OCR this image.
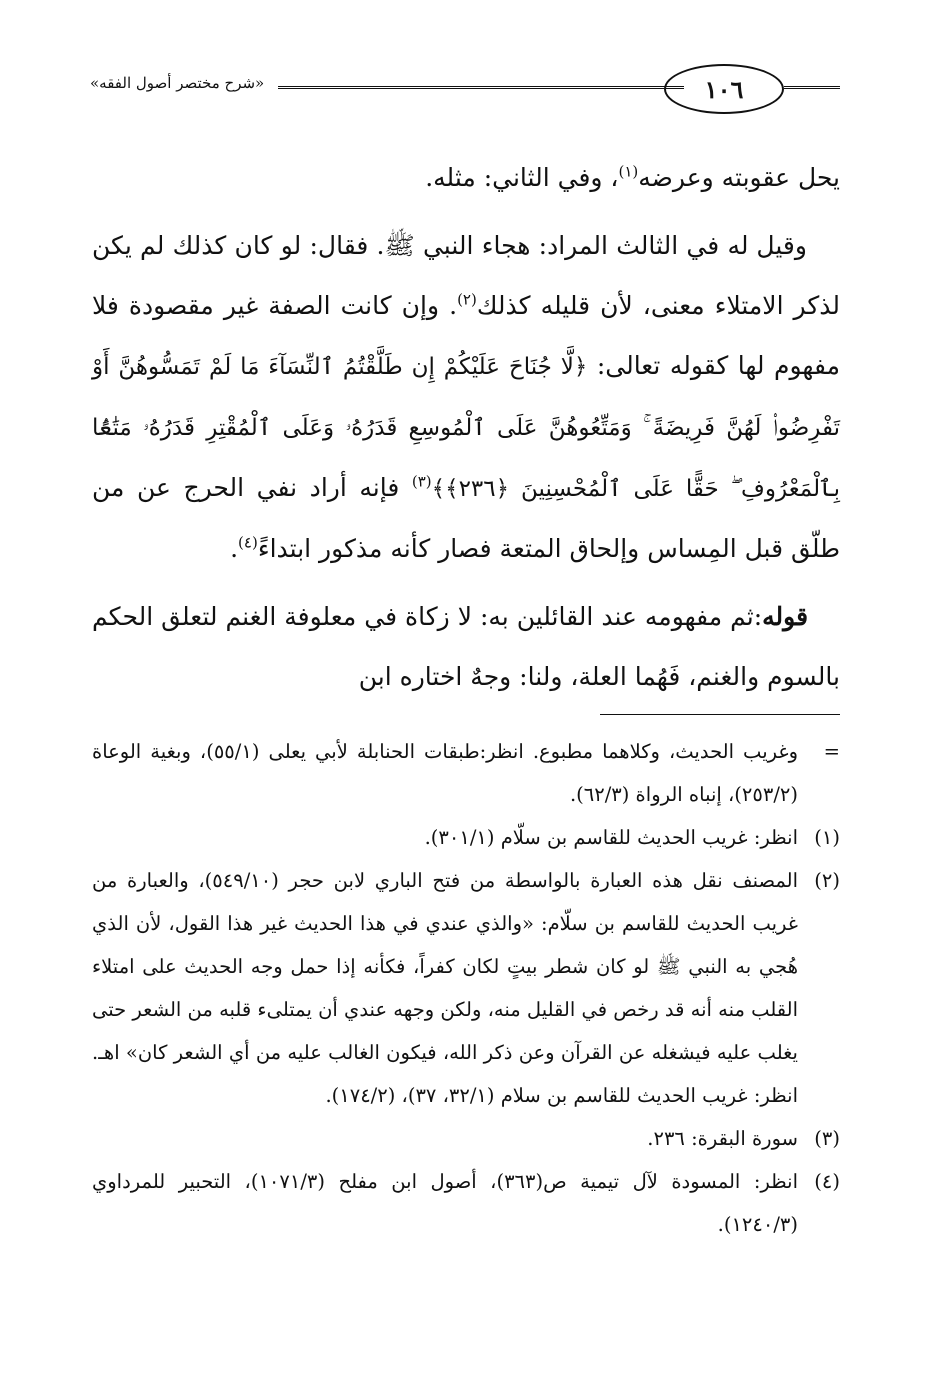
١٠٦
«شرح مختصر أصول الفقه»

يحل عقوبته وعرضه$^{(١)}$، وفي الثاني: مثله.

وقيل له في الثالث المراد: هجاء النبي ﷺ. فقال: لو كان كذلك لم يكن لذكر الامتلاء معنى، لأن قليله كذلك$^{(٢)}$. وإن كانت الصفة غير مقصودة فلا مفهوم لها كقوله تعالى: ﴿لَّا جُنَاحَ عَلَيْكُمْ إِن طَلَّقْتُمُ ٱلنِّسَآءَ مَا لَمْ تَمَسُّوهُنَّ أَوْ تَفْرِضُوا۟ لَهُنَّ فَرِيضَةً ۚ وَمَتِّعُوهُنَّ عَلَى ٱلْمُوسِعِ قَدَرُهُۥ وَعَلَى ٱلْمُقْتِرِ قَدَرُهُۥ مَتَٰعًۢا بِٱلْمَعْرُوفِ ۖ حَقًّا عَلَى ٱلْمُحْسِنِينَ ﴿٢٣٦﴾﴾$^{(٣)}$ فإنه أراد نفي الحرج عن من طلّق قبل المِساس وإلحاق المتعة فصار كأنه مذكور ابتداءً$^{(٤)}$.

قوله:ثم مفهومه عند القائلين به: لا زكاة في معلوفة الغنم لتعلق الحكم بالسوم والغنم، فَهُما العلة، ولنا: وجهٌ اختاره ابن

=
وغريب الحديث، وكلاهما مطبوع. انظر:طبقات الحنابلة لأبي يعلى (٥٥/١)، وبغية الوعاة (٢٥٣/٢)، إنباه الرواة (٦٢/٣).

(١)
انظر: غريب الحديث للقاسم بن سلّام (٣٠١/١).

(٢)
المصنف نقل هذه العبارة بالواسطة من فتح الباري لابن حجر (٥٤٩/١٠)، والعبارة من غريب الحديث للقاسم بن سلّام: «والذي عندي في هذا الحديث غير هذا القول، لأن الذي هُجي به النبي ﷺ لو كان شطر بيتٍ لكان كفراً، فكأنه إذا حمل وجه الحديث على امتلاء القلب منه أنه قد رخص في القليل منه، ولكن وجهه عندي أن يمتلىء قلبه من الشعر حتى يغلب عليه فيشغله عن القرآن وعن ذكر الله، فيكون الغالب عليه من أي الشعر كان» اهـ. انظر: غريب الحديث للقاسم بن سلام (٣٢/١، ٣٧)، (١٧٤/٢).

(٣)
سورة البقرة: ٢٣٦.

(٤)
انظر: المسودة لآل تيمية ص(٣٦٣)، أصول ابن مفلح (١٠٧١/٣)، التحبير للمرداوي (١٢٤٠/٣).
